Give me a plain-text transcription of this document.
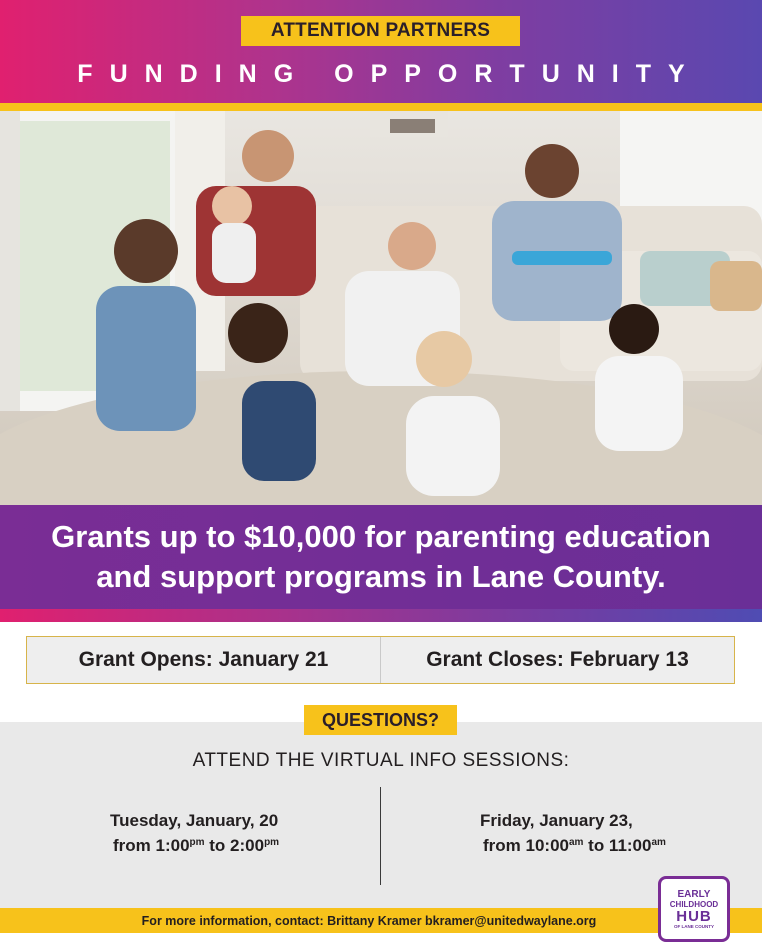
ATTENTION PARTNERS
FUNDING OPPORTUNITY
Grants up to $10,000 for parenting education
and support programs in Lane County.
Grant Opens: January 21	Grant Closes: February 13
QUESTIONS?
ATTEND THE VIRTUAL INFO SESSIONS:
Tuesday, January, 20
from $1:00^{pm}$ to $2:00^{pm}$
Friday, January 23,
from $10:00^{am}$ to $11:00^{am}$
For more information, contact: Brittany Kramer bkramer@unitedwaylane.org
EARLY
CHILDHOOD
HUB
OF LANE COUNTY
